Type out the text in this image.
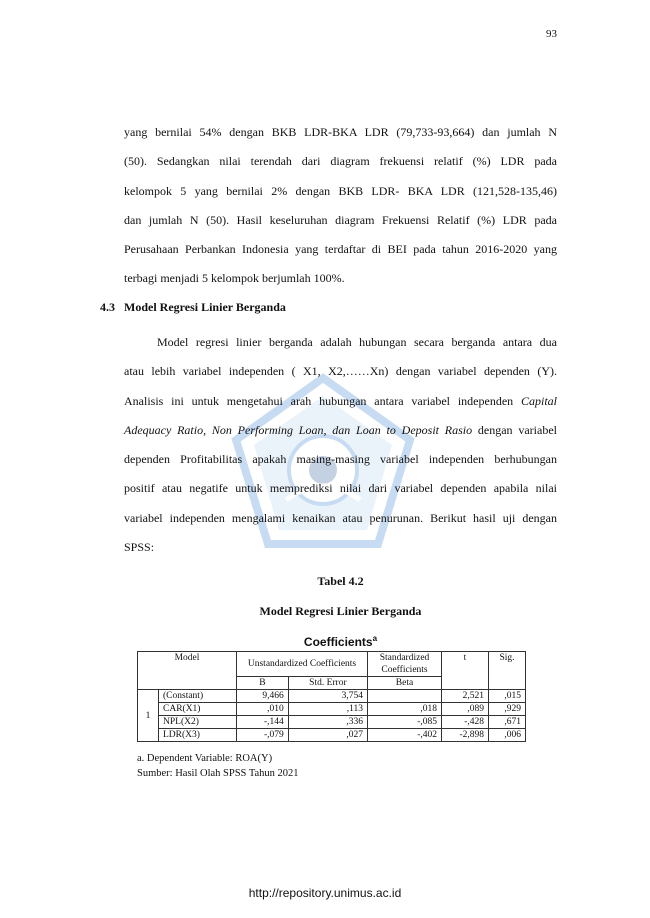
93
yang bernilai 54% dengan BKB LDR-BKA LDR (79,733-93,664) dan jumlah N
(50). Sedangkan nilai terendah dari diagram frekuensi relatif (%) LDR pada
kelompok 5 yang bernilai 2% dengan BKB LDR- BKA LDR (121,528-135,46)
dan jumlah N (50). Hasil keseluruhan diagram Frekuensi Relatif (%) LDR pada
Perusahaan Perbankan Indonesia yang terdaftar di BEI pada tahun 2016-2020 yang
terbagi menjadi 5 kelompok berjumlah 100%.
4.3 Model Regresi Linier Berganda
Model regresi linier berganda adalah hubungan secara berganda antara dua
atau lebih variabel independen ( X1, X2,……Xn) dengan variabel dependen (Y).
Analisis ini untuk mengetahui arah hubungan antara variabel independen Capital
Adequacy Ratio, Non Performing Loan, dan Loan to Deposit Rasio dengan variabel
dependen Profitabilitas apakah masing-masing variabel independen berhubungan
positif atau negatife untuk memprediksi nilai dari variabel dependen apabila nilai
variabel independen mengalami kenaikan atau penurunan. Berikut hasil uji dengan
SPSS:
Tabel 4.2
Model Regresi Linier Berganda
Coefficients$^a$
Model		Unstandardized Coefficients		Standardized Coefficients	t	Sig.
		B	Std. Error	Beta		
1	(Constant)	9,466	3,754		2,521	,015
	CAR(X1)	,010	,113	,018	,089	,929
	NPL(X2)	-,144	,336	-,085	-,428	,671
	LDR(X3)	-,079	,027	-,402	-2,898	,006
a. Dependent Variable: ROA(Y)
Sumber: Hasil Olah SPSS Tahun 2021
http://repository.unimus.ac.id
